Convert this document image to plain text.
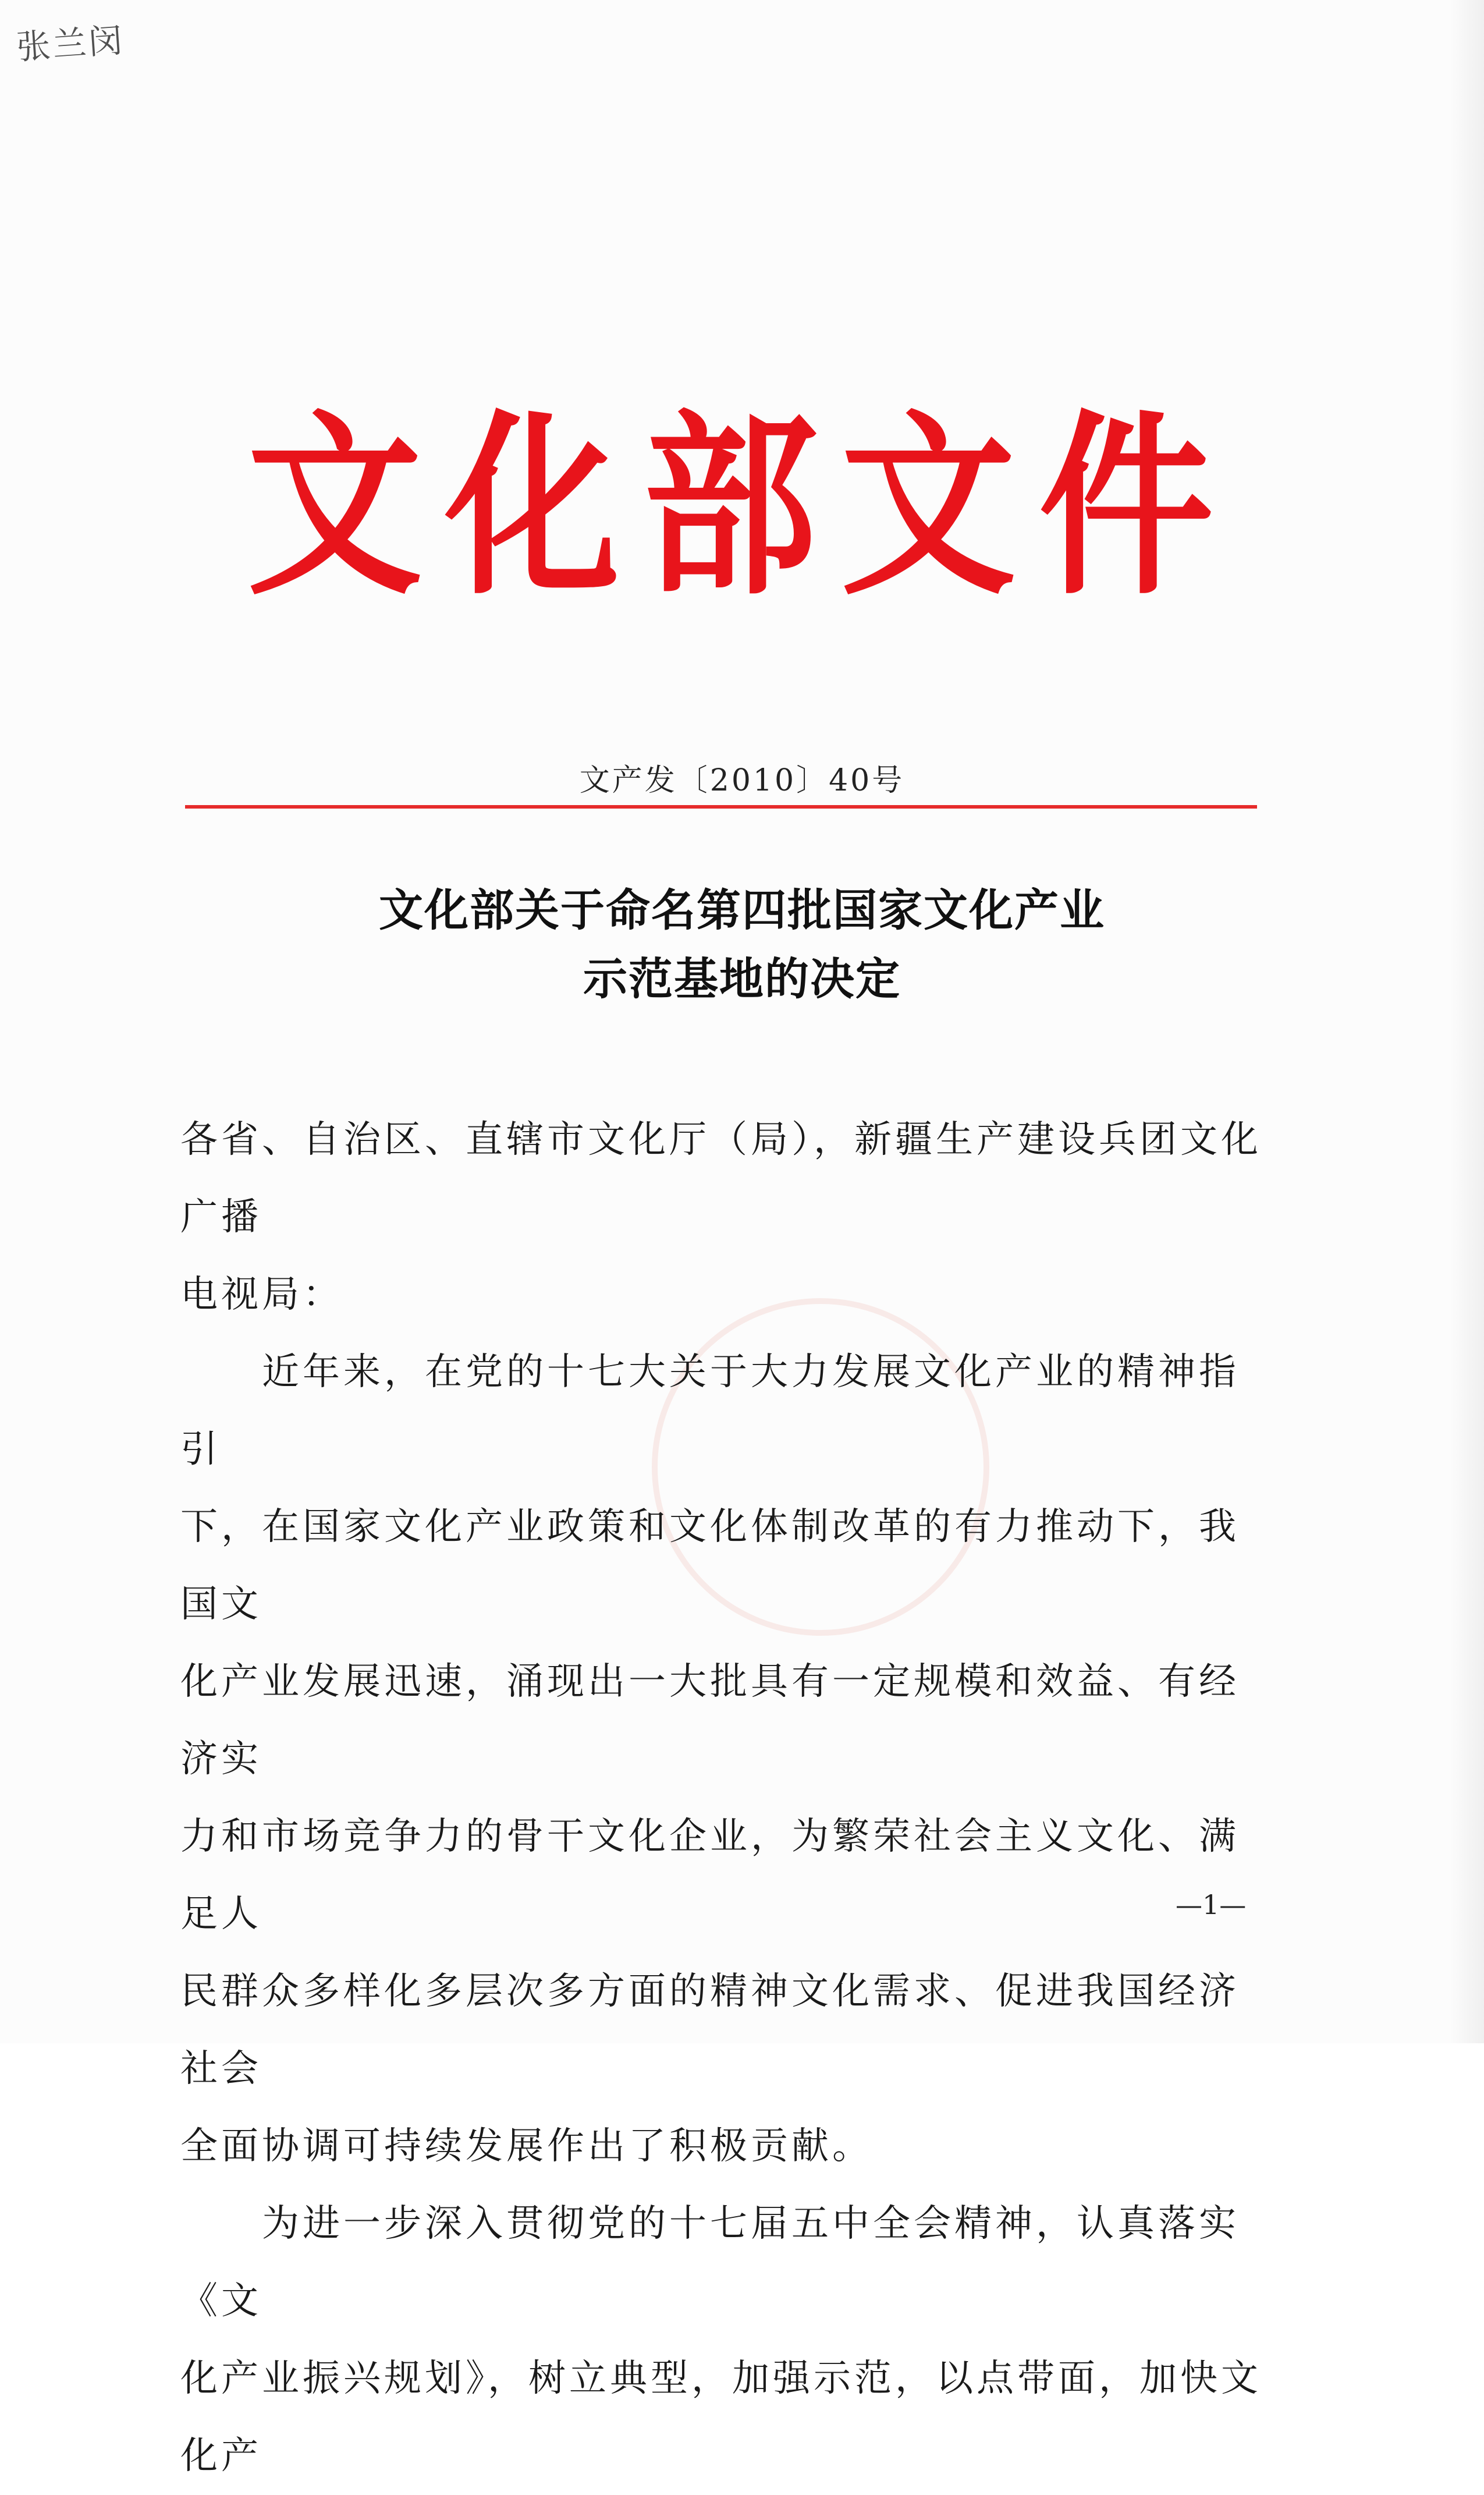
张兰闵
文化部文件
文产发〔2010〕40号
文化部关于命名第四批国家文化产业
示范基地的决定

各省、自治区、直辖市文化厅（局），新疆生产建设兵团文化广播

电视局：

近年来，在党的十七大关于大力发展文化产业的精神指引

下，在国家文化产业政策和文化体制改革的有力推动下，我国文

化产业发展迅速，涌现出一大批具有一定规模和效益、有经济实

力和市场竞争力的骨干文化企业，为繁荣社会主义文化、满足人

民群众多样化多层次多方面的精神文化需求、促进我国经济社会

全面协调可持续发展作出了积极贡献。

为进一步深入贯彻党的十七届五中全会精神，认真落实《文

化产业振兴规划》，树立典型，加强示范，以点带面，加快文化产

—1—
